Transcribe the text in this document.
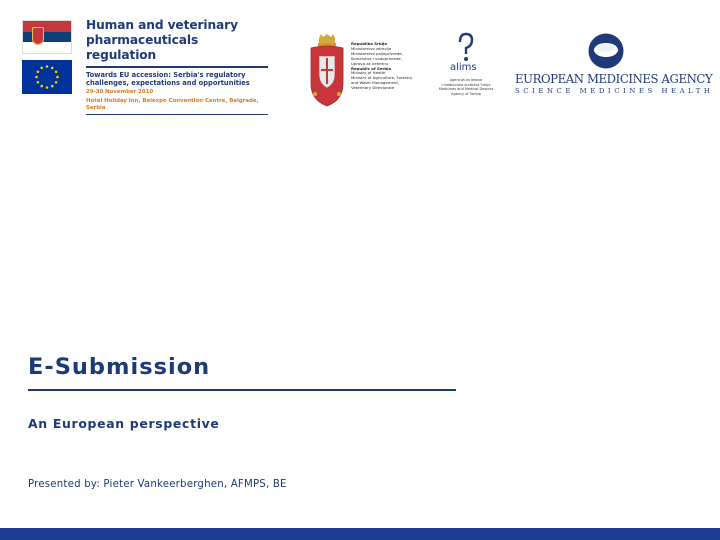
Human and veterinary
pharmaceuticals regulation
Towards EU accession: Serbia's regulatory
challenges, expectations and opportunities
29-30 November 2010
Hotel Holiday Inn, Belexpo Convention Centre, Belgrade, Serbia
Republika Srbija
Ministarstvo zdravlja
Ministarstvo poljoprivrede,
šumarstva i vodoprivrede,
Uprava za veterinu
Republic of Serbia
Ministry of Health
Ministry of Agriculture, Forestry
and Water Management,
Veterinary Directorate
alims
Agencija za lekove
i medicinska sredstva Srbije
Medicines and Medical Devices
Agency of Serbia
EUROPEAN MEDICINES AGENCY
SCIENCE MEDICINES HEALTH
E-Submission
An European perspective
Presented by: Pieter Vankeerberghen, AFMPS, BE
